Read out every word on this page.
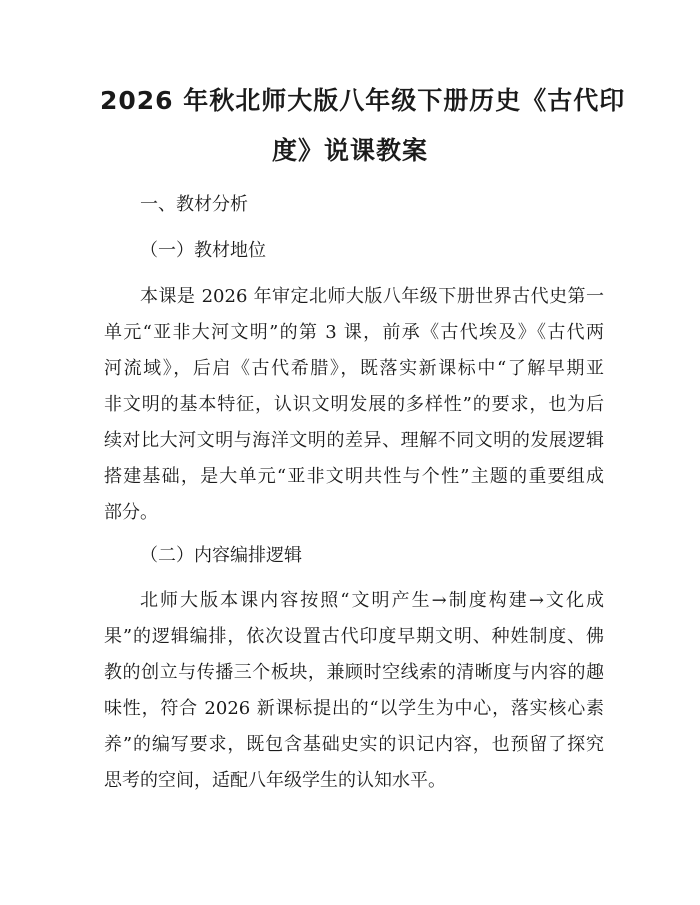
2026 年秋北师大版八年级下册历史《古代印
度》说课教案

一、教材分析

（一）教材地位

本课是 2026 年审定北师大版八年级下册世界古代史第一
单元“亚非大河文明”的第 3 课，前承《古代埃及》《古代两
河流域》，后启《古代希腊》，既落实新课标中“了解早期亚
非文明的基本特征，认识文明发展的多样性”的要求，也为后
续对比大河文明与海洋文明的差异、理解不同文明的发展逻辑
搭建基础，是大单元“亚非文明共性与个性”主题的重要组成
部分。

（二）内容编排逻辑

北师大版本课内容按照“文明产生→制度构建→文化成
果”的逻辑编排，依次设置古代印度早期文明、种姓制度、佛
教的创立与传播三个板块，兼顾时空线索的清晰度与内容的趣
味性，符合 2026 新课标提出的“以学生为中心，落实核心素
养”的编写要求，既包含基础史实的识记内容，也预留了探究
思考的空间，适配八年级学生的认知水平。
